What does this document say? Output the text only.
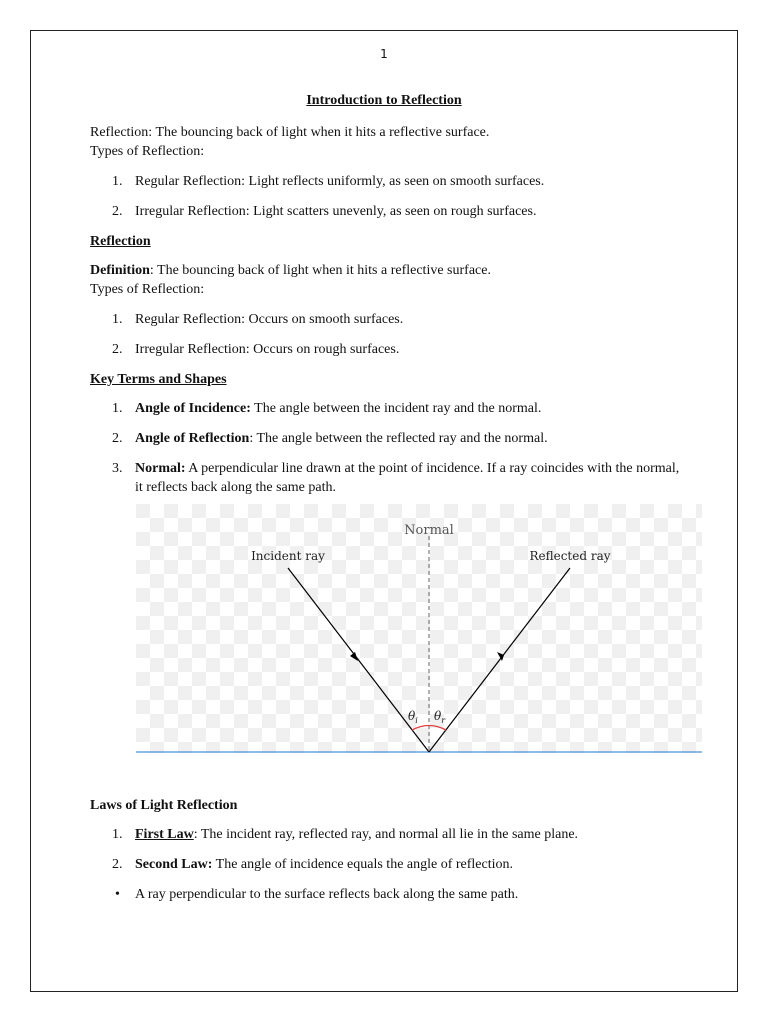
1
Introduction to Reflection
Reflection: The bouncing back of light when it hits a reflective surface.
Types of Reflection:
1. Regular Reflection: Light reflects uniformly, as seen on smooth surfaces.
2. Irregular Reflection: Light scatters unevenly, as seen on rough surfaces.
Reflection
Definition: The bouncing back of light when it hits a reflective surface.
Types of Reflection:
1. Regular Reflection: Occurs on smooth surfaces.
2. Irregular Reflection: Occurs on rough surfaces.
Key Terms and Shapes
1. Angle of Incidence: The angle between the incident ray and the normal.
2. Angle of Reflection: The angle between the reflected ray and the normal.
3. Normal: A perpendicular line drawn at the point of incidence. If a ray coincides with the normal, it reflects back along the same path.
Normal
Incident ray	Reflected ray
$\theta_i$ $\theta_r$
Laws of Light Reflection
1. First Law: The incident ray, reflected ray, and normal all lie in the same plane.
2. Second Law: The angle of incidence equals the angle of reflection.
• A ray perpendicular to the surface reflects back along the same path.
